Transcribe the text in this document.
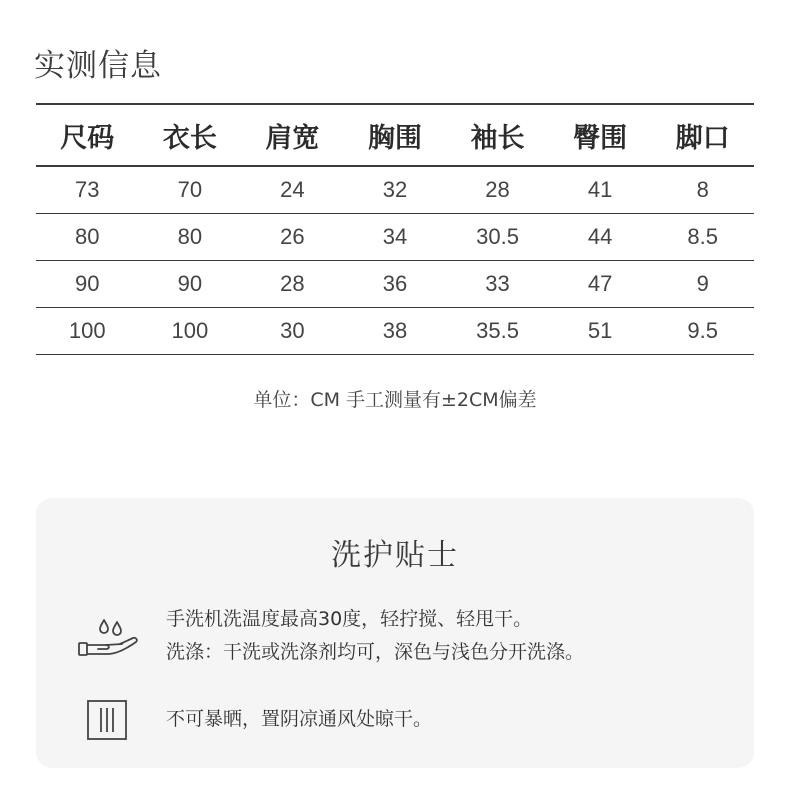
实测信息
尺码	衣长	肩宽	胸围	袖长	臀围	脚口
73	70	24	32	28	41	8
80	80	26	34	30.5	44	8.5
90	90	28	36	33	47	9
100	100	30	38	35.5	51	9.5
单位：CM 手工测量有±2CM偏差
洗护贴士
手洗机洗温度最高30度，轻拧搅、轻甩干。
洗涤：干洗或洗涤剂均可，深色与浅色分开洗涤。
不可暴晒，置阴凉通风处晾干。
